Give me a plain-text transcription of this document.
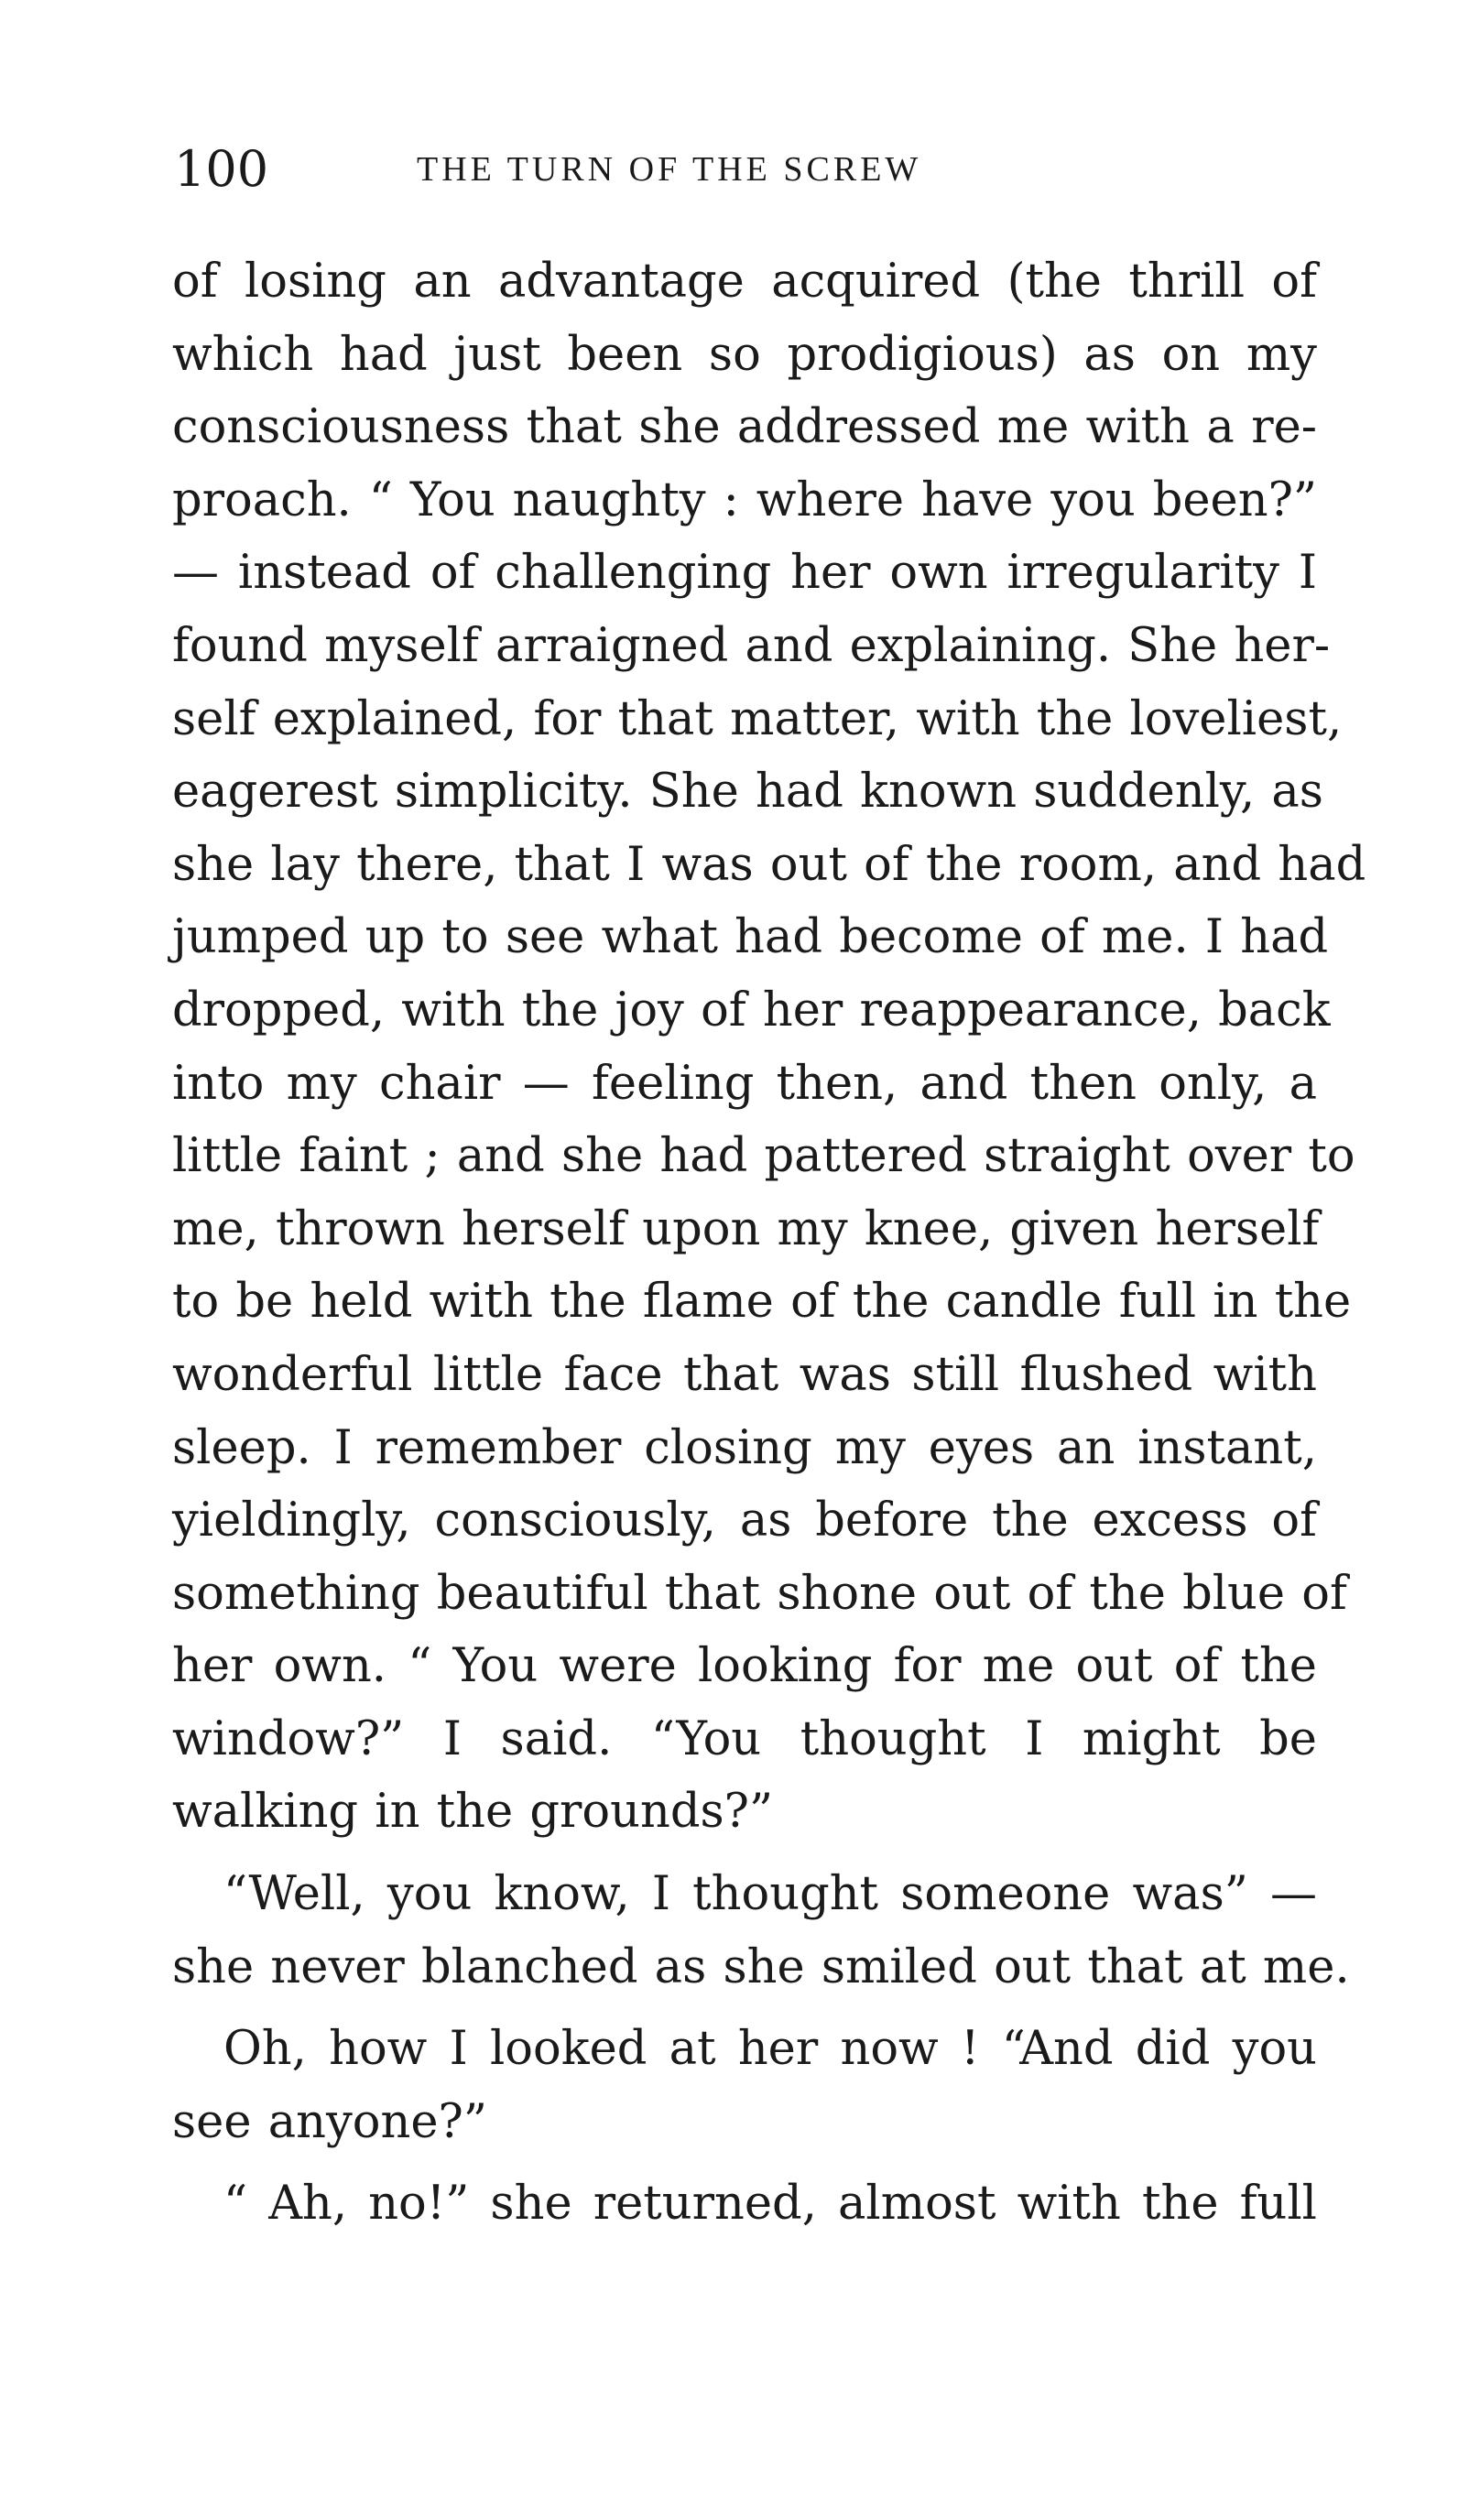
100	THE TURN OF THE SCREW
of losing an advantage acquired (the thrill of
which had just been so prodigious) as on my
consciousness that she addressed me with a re-
proach. “ You naughty : where have you been?”
— instead of challenging her own irregularity I
found myself arraigned and explaining. She her-
self explained, for that matter, with the loveliest,
eagerest simplicity. She had known suddenly, as
she lay there, that I was out of the room, and had
jumped up to see what had become of me. I had
dropped, with the joy of her reappearance, back
into my chair — feeling then, and then only, a
little faint ; and she had pattered straight over to
me, thrown herself upon my knee, given herself
to be held with the flame of the candle full in the
wonderful little face that was still flushed with
sleep. I remember closing my eyes an instant,
yieldingly, consciously, as before the excess of
something beautiful that shone out of the blue of
her own. “ You were looking for me out of the
window?” I said. “You thought I might be
walking in the grounds?”
“Well, you know, I thought someone was” —
she never blanched as she smiled out that at me.
Oh, how I looked at her now ! “And did you
see anyone?”
“ Ah, no!” she returned, almost with the full
